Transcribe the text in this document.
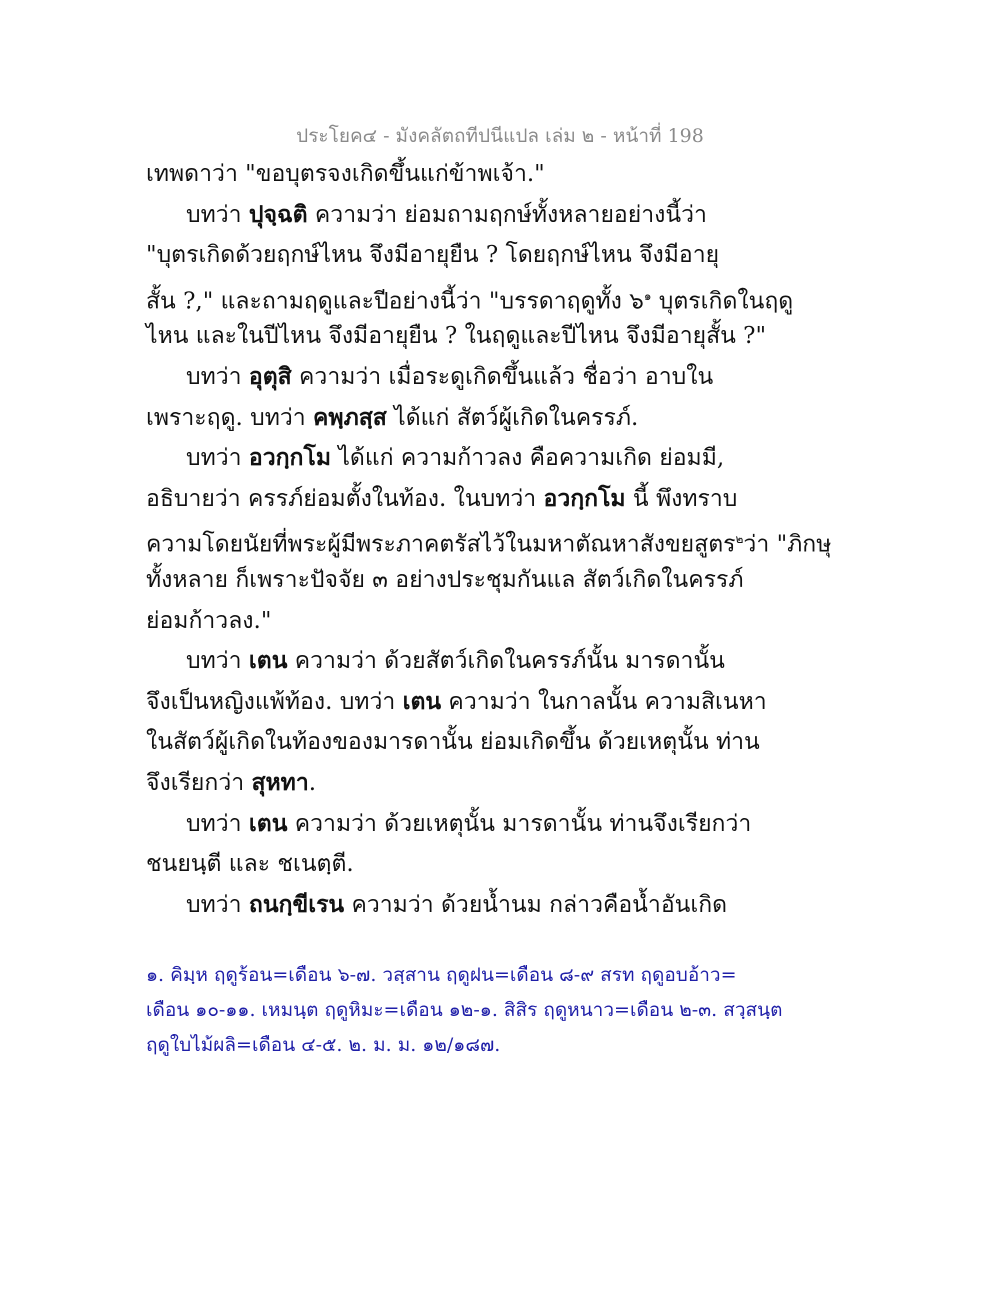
ประโยค๔ - มังคลัตถทีปนีแปล เล่ม ๒ - หน้าที่ 198
เทพดาว่า "ขอบุตรจงเกิดขึ้นแก่ข้าพเจ้า."
บทว่า ปุจฺฉติ ความว่า ย่อมถามฤกษ์ทั้งหลายอย่างนี้ว่า
"บุตรเกิดด้วยฤกษ์ไหน จึงมีอายุยืน ? โดยฤกษ์ไหน จึงมีอายุ
สั้น ?," และถามฤดูและปีอย่างนี้ว่า "บรรดาฤดูทั้ง ๖$^๑$ บุตรเกิดในฤดู
ไหน และในปีไหน จึงมีอายุยืน ? ในฤดูและปีไหน จึงมีอายุสั้น ?"
บทว่า อุตุสิ ความว่า เมื่อระดูเกิดขึ้นแล้ว ชื่อว่า อาบใน
เพราะฤดู. บทว่า คพฺภสฺส ได้แก่ สัตว์ผู้เกิดในครรภ์.
บทว่า อวกฺกโม ได้แก่ ความก้าวลง คือความเกิด ย่อมมี,
อธิบายว่า ครรภ์ย่อมตั้งในท้อง. ในบทว่า อวกฺกโม นี้ พึงทราบ
ความโดยนัยที่พระผู้มีพระภาคตรัสไว้ในมหาตัณหาสังขยสูตร$^๒$ว่า "ภิกษุ
ทั้งหลาย ก็เพราะปัจจัย ๓ อย่างประชุมกันแล สัตว์เกิดในครรภ์
ย่อมก้าวลง."
บทว่า เตน ความว่า ด้วยสัตว์เกิดในครรภ์นั้น มารดานั้น
จึงเป็นหญิงแพ้ท้อง. บทว่า เตน ความว่า ในกาลนั้น ความสิเนหา
ในสัตว์ผู้เกิดในท้องของมารดานั้น ย่อมเกิดขึ้น ด้วยเหตุนั้น ท่าน
จึงเรียกว่า สุหทา.
บทว่า เตน ความว่า ด้วยเหตุนั้น มารดานั้น ท่านจึงเรียกว่า
ชนยนฺตี และ ชเนตฺตี.
บทว่า ถนกฺขีเรน ความว่า ด้วยน้ำนม กล่าวคือน้ำอันเกิด
๑. คิมฺห ฤดูร้อน=เดือน ๖-๗. วสฺสาน ฤดูฝน=เดือน ๘-๙ สรท ฤดูอบอ้าว=
เดือน ๑๐-๑๑. เหมนฺต ฤดูหิมะ=เดือน ๑๒-๑. สิสิร ฤดูหนาว=เดือน ๒-๓. สวฺสนฺต
ฤดูใบไม้ผลิ=เดือน ๔-๕. ๒. ม. ม. ๑๒/๑๘๗.
